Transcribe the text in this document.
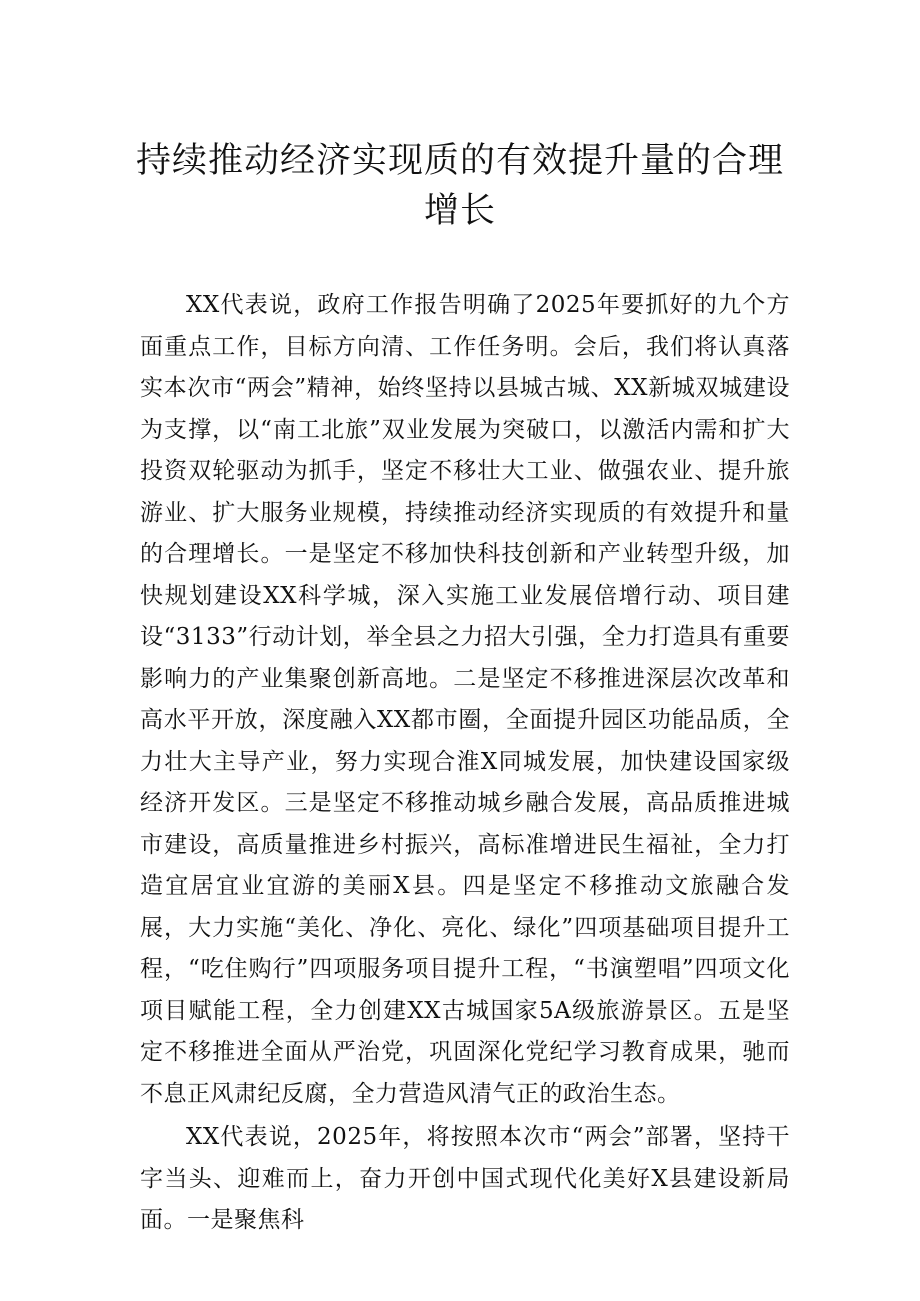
持续推动经济实现质的有效提升量的合理增长

XX代表说，政府工作报告明确了2025年要抓好的九个方面重点工作，目标方向清、工作任务明。会后，我们将认真落实本次市“两会”精神，始终坚持以县城古城、XX新城双城建设为支撑，以“南工北旅”双业发展为突破口，以激活内需和扩大投资双轮驱动为抓手，坚定不移壮大工业、做强农业、提升旅游业、扩大服务业规模，持续推动经济实现质的有效提升和量的合理增长。一是坚定不移加快科技创新和产业转型升级，加快规划建设XX科学城，深入实施工业发展倍增行动、项目建设“3133”行动计划，举全县之力招大引强，全力打造具有重要影响力的产业集聚创新高地。二是坚定不移推进深层次改革和高水平开放，深度融入XX都市圈，全面提升园区功能品质，全力壮大主导产业，努力实现合淮X同城发展，加快建设国家级经济开发区。三是坚定不移推动城乡融合发展，高品质推进城市建设，高质量推进乡村振兴，高标准增进民生福祉，全力打造宜居宜业宜游的美丽X县。四是坚定不移推动文旅融合发展，大力实施“美化、净化、亮化、绿化”四项基础项目提升工程，“吃住购行”四项服务项目提升工程，“书演塑唱”四项文化项目赋能工程，全力创建XX古城国家5A级旅游景区。五是坚定不移推进全面从严治党，巩固深化党纪学习教育成果，驰而不息正风肃纪反腐，全力营造风清气正的政治生态。

XX代表说，2025年，将按照本次市“两会”部署，坚持干字当头、迎难而上，奋力开创中国式现代化美好X县建设新局面。一是聚焦科
